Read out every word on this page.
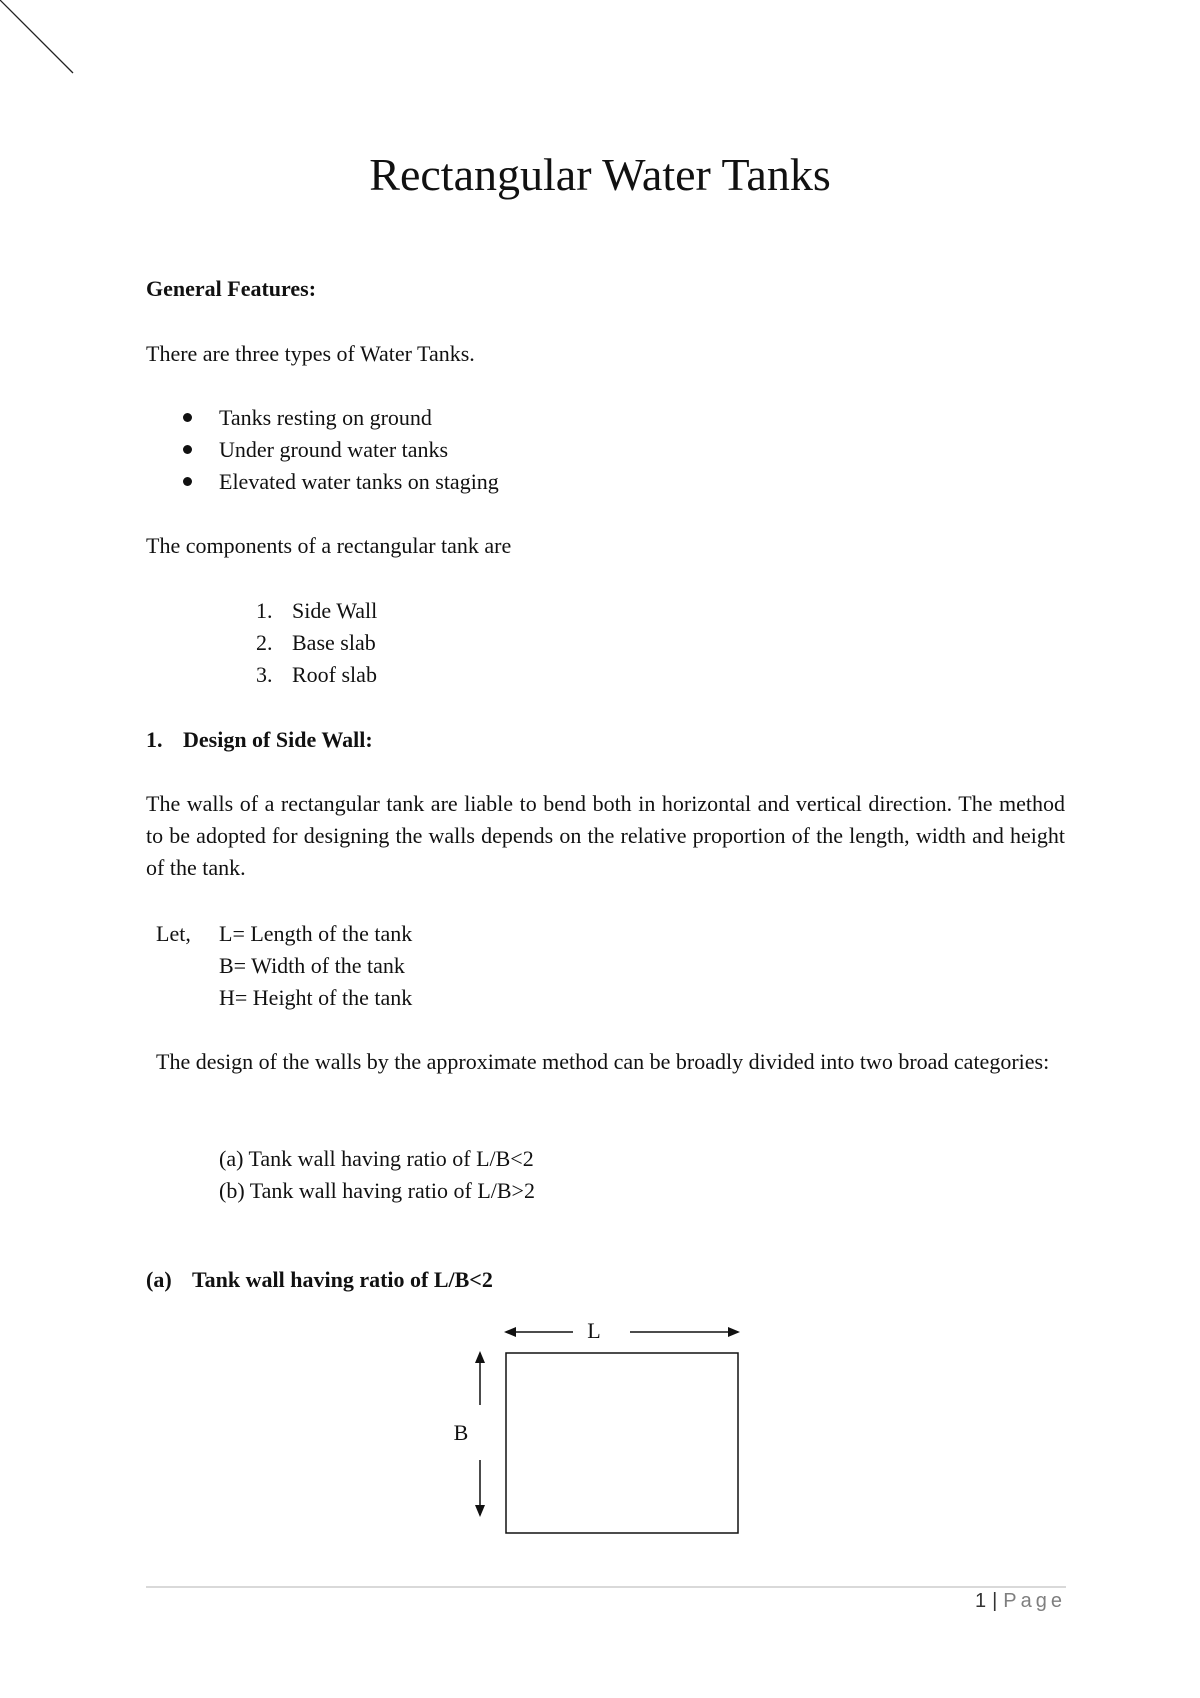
Rectangular Water Tanks
General Features:
There are three types of Water Tanks.
Tanks resting on ground
Under ground water tanks
Elevated water tanks on staging
The components of a rectangular tank are
1. Side Wall
2. Base slab
3. Roof slab
1. Design of Side Wall:
The walls of a rectangular tank are liable to bend both in horizontal and vertical direction. The method to be adopted for designing the walls depends on the relative proportion of the length, width and height of the tank.
Let, L= Length of the tank
B= Width of the tank
H= Height of the tank
The design of the walls by the approximate method can be broadly divided into two broad categories:
(a) Tank wall having ratio of L/B<2
(b) Tank wall having ratio of L/B>2
(a) Tank wall having ratio of L/B<2
L
B
1 | Page
